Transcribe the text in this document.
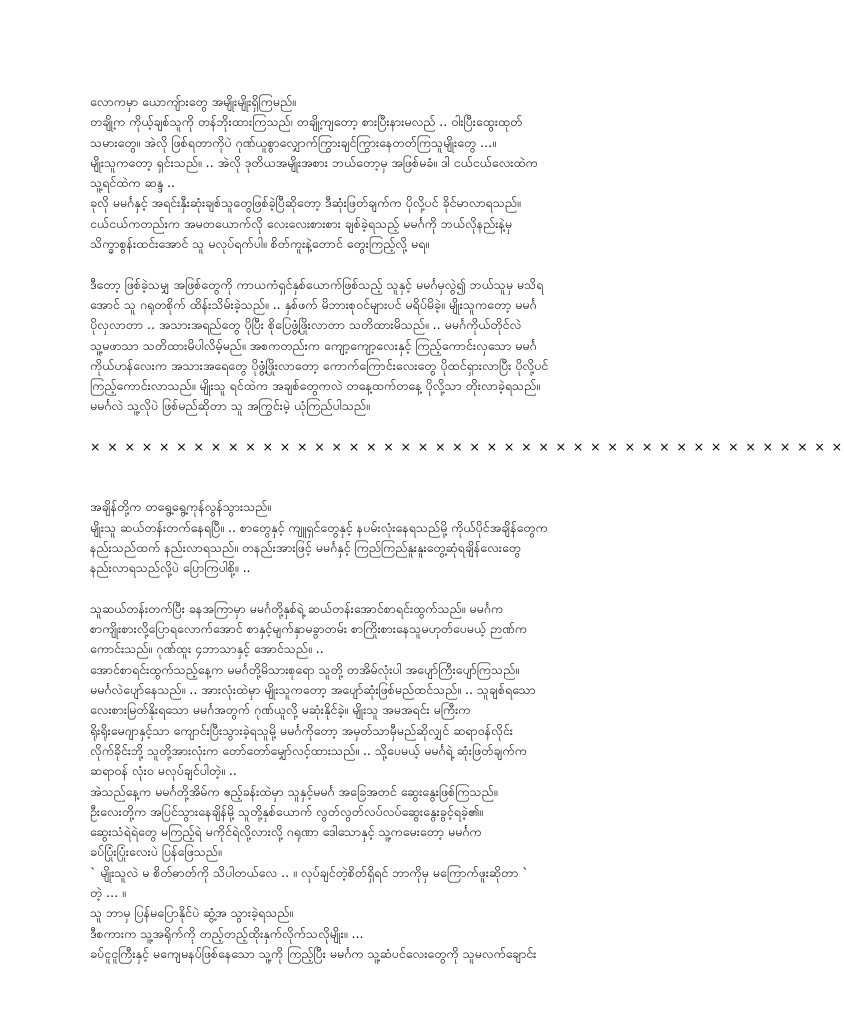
လောကမှာ ယောကျ်ားတွေ အမျိုးမျိုးရှိကြမည်။
တချို့က ကိုယ့်ချစ်သူကို တန်ဘိုးထားကြသည်၊ တချို့ကျတော့ စားပြီးနားမလည် .. ဝါးပြီးထွေးထုတ်
သမားတွေ။ အဲလို ဖြစ်ရတာကိုပဲ ဂုဏ်ယူစွာလျှောက်ကြွားချင်ကြွားနေတတ်ကြသူမျိုးတွေ ...။
မျိုးသူကတော့ ရှင်းသည်။ .. အဲလို ဒုတိယအမျိုးအစား ဘယ်တော့မှ အဖြစ်မခံ။ ဒါ ငယ်ငယ်လေးထဲက
သူ့ရင်ထဲက ဆန္ဒ ..
ခုလို မမင်္ဂနှင့် အရင်းနှီးဆုံးချစ်သူတွေဖြစ်ခဲ့ပြီဆိုတော့ ဒီဆုံးဖြတ်ချက်က ပိုလို့ပင် ခိုင်မာလာရသည်။
ငယ်ငယ်ကတည်းက အမတယောက်လို လေးလေးစားစား ချစ်ခဲ့ရသည့် မမင်္ဂကို ဘယ်လိုနည်းနဲ့မှ
သိက္ခာစွန်းထင်းအောင် သူ မလုပ်ရက်ပါ။ စိတ်ကူးနဲ့တောင် တွေးကြည့်လို့ မရ။
ဒီတော့ ဖြစ်ခဲ့သမျှ အဖြစ်တွေကို ကာယကံရှင်နှစ်ယောက်ဖြစ်သည့် သူနှင့် မမင်္ဂမှလွဲ၍ ဘယ်သူမှ မသိရ
အောင် သူ ဂရုတစိုက် ထိန်းသိမ်းခဲ့သည်။ .. နှစ်ဖက် မိဘားစုဝင်များပင် မရိပ်မိခဲ့။ မျိုးသူကတော့ မမင်္ဂ
ပိုလှလာတာ .. အသားအရည်တွေ ပိုပြီး စိုပြေဖွံ့ဖြိုးလာတာ သတိထားမိသည်။ .. မမင်္ဂကိုယ်တိုင်လဲ
သူ့မဖာသာ သတိထားမိပါလိမ့်မည်။ အစကတည်းက ကျော့ကျော့လေးနှင့် ကြည့်ကောင်းလှသော မမင်္ဂ
ကိုယ်ဟန်လေးက အသားအရေတွေ ပိုဖွံ့ဖြိုးလာတော့ ကောက်ကြောင်းလေးတွေ ပိုထင်ရှားလာပြီး ပိုလို့ပင်
ကြည့်ကောင်းလာသည်။ မျိုးသူ ရင်ထဲက အချစ်တွေကလဲ တနေ့ထက်တနေ့ ပိုလို့သာ တိုးလာခဲ့ရသည်။
မမင်္ဂလဲ သူ့လိုပဲ ဖြစ်မည်ဆိုတာ သူ အကြွင်းမဲ့ ယုံကြည်ပါသည်။
× × × × × × × × × × × × × × × × × × × × × × × × × × × × × × × × × × × × × × × × × × × ×
အချိန်တို့က တရွေ့ရွေ့ကုန်လွန်သွားသည်။
မျိုးသူ ဆယ်တန်းတက်နေရပြီ။ .. စာတွေနှင့် ကျူရှင်တွေနှင့် နပမ်းလုံးနေရသည်မို့ ကိုယ်ပိုင်အချိန်တွေက
နည်းသည်ထက် နည်းလာရသည်။ တနည်းအားဖြင့် မမင်္ဂနှင့် ကြည်ကြည်နူးနူးတွေ့ဆုံရချိန်လေးတွေ
နည်းလာရသည်လို့ပဲ ပြောကြပါစို့။ ..
သူဆယ်တန်းတက်ပြီး ခနအကြာမှာ မမင်္ဂတို့နှစ်ရဲ့ ဆယ်တန်းအောင်စာရင်းထွက်သည်။ မမင်္ဂက
စာကျိုးစားလို့ပြောရလောက်အောင် စာနှင့်မျက်နှာမခွာတမ်း စာကြိုးစားနေသူမဟုတ်ပေမယ့် ဉာဏ်က
ကောင်းသည်။ ဂုဏ်ထူး ၄ဘာသာနှင့် အောင်သည်။ ..
အောင်စာရင်းထွက်သည့်နေ့က မမင်္ဂတို့မိသားစုရော သူတို့ တအိမ်လုံးပါ အပျော်ကြီးပျော်ကြသည်။
မမင်္ဂလဲပျော်နေသည်။ .. အားလုံးထဲမှာ မျိုးသူကတော့ အပျော်ဆုံးဖြစ်မည်ထင်သည်။ .. သူချစ်ရသော
လေးစားမြတ်နိုးရသော မမင်္ဂအတွက် ဂုဏ်ယူလို့ မဆုံးနိုင်ခဲ့။ မျိုးသူ အမအရင်း မကြီးက
ရိုးရိုးမေဂျာနှင့်သာ ကျောင်းပြီးသွားခဲ့ရသူမို့ မမင်္ဂကိုတော့ အမှတ်သာမှီမည်ဆိုလျှင် ဆရာဝန်လိုင်း
လိုက်ခိုင်းဘို့ သူတို့အားလုံးက တော်တော်မျှော်လင့်ထားသည်။ .. သို့ပေမယ့် မမင်္ဂရဲ့ ဆုံးဖြတ်ချက်က
ဆရာဝန် လုံးဝ မလုပ်ချင်ပါတဲ့။ ..
အဲသည်နေ့က မမင်္ဂတို့အိမ်က ဧည့်ခန်းထဲမှာ သူနှင့်မမင်္ဂ အခြေအတင် ဆွေးနွေးဖြစ်ကြသည်။
ဦးလေးတို့က အပြင်သွားနေချိန်မို့ သူတို့နှစ်ယောက် လွတ်လွတ်လပ်လပ်ဆွေးနွေးခွင့်ရခဲ့၏။
ဆွေးသံရဲရဲတွေ မကြည့်ရဲ မကိုင်ရဲလို့လားလို့ ဂရုဏာ ဒေါသောနှင့် သူ့ကမေးတော့ မမင်္ဂက
ခပ်ပြုံးပြုံးလေးပဲ ပြန်ဖြေသည်။
` မျိုးသူလဲ မ စိတ်ဓာတ်ကို သိပါတယ်လေ .. ။ လုပ်ချင်တဲ့စိတ်ရှိရင် ဘာကိုမှ မကြောက်ဖူးဆိုတာ `
တဲ့ ... ။
သူ ဘာမှ ပြန်မပြောနိုင်ပဲ ဆွံ့အ သွားခဲ့ရသည်။
ဒီစကားက သူ့အရိုက်ကို တည့်တည့်ထိုးနှက်လိုက်သလိုမျိုး။ ...
ခပ်ငူငူကြီးနှင့် မကျေမနပ်ဖြစ်နေသော သူ့ကို ကြည့်ပြီး မမင်္ဂက သူ့ဆံပင်လေးတွေကို သူမလက်ချောင်း
